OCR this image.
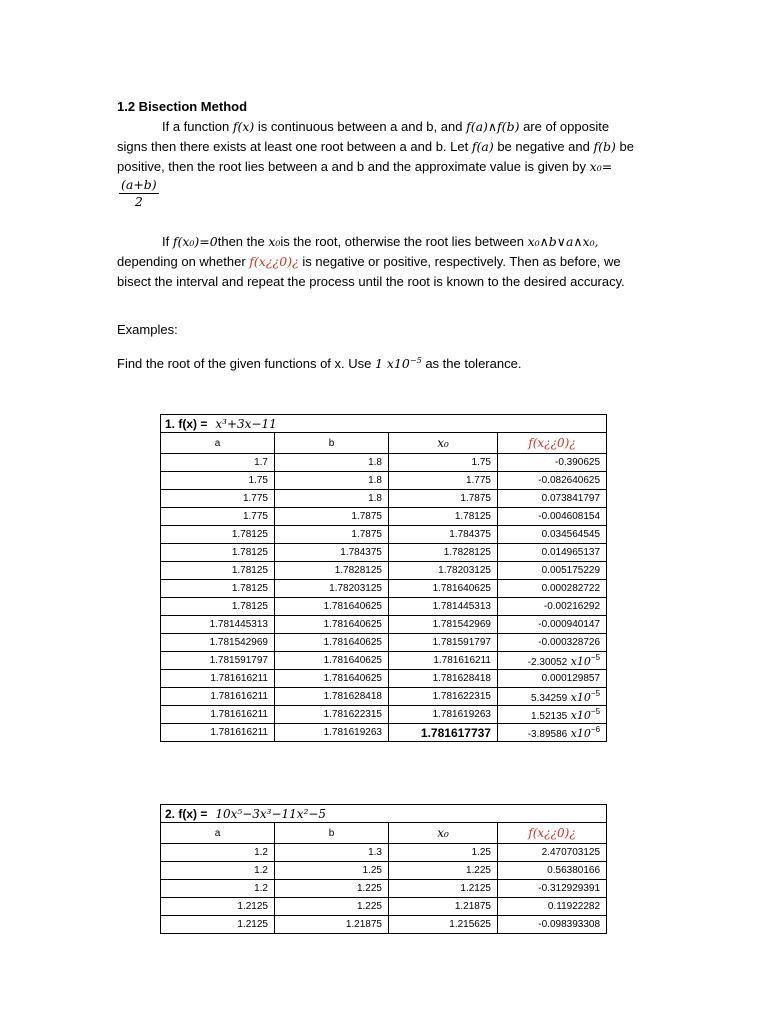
1.2 Bisection Method

If a function f(x) is continuous between a and b, and f(a)∧f(b) are of opposite signs then there exists at least one root between a and b. Let f(a) be negative and f(b) be positive, then the root lies between a and b and the approximate value is given by x₀=
$\frac{(a+b)}{2}$

If f(x₀)=0then the x₀is the root, otherwise the root lies between x₀∧b∨a∧x₀, depending on whether f(x¿¿0)¿ is negative or positive, respectively. Then as before, we bisect the interval and repeat the process until the root is known to the desired accuracy.

Examples:

Find the root of the given functions of x. Use 1 $x10^{-5}$ as the tolerance.

1. f(x) = x³+3x−11			
a	b	x₀	f(x¿¿0)¿
1.7	1.8	1.75	-0.390625
1.75	1.8	1.775	-0.082640625
1.775	1.8	1.7875	0.073841797
1.775	1.7875	1.78125	-0.004608154
1.78125	1.7875	1.784375	0.034564545
1.78125	1.784375	1.7828125	0.014965137
1.78125	1.7828125	1.78203125	0.005175229
1.78125	1.78203125	1.781640625	0.000282722
1.78125	1.781640625	1.781445313	-0.00216292
1.781445313	1.781640625	1.781542969	-0.000940147
1.781542969	1.781640625	1.781591797	-0.000328726
1.781591797	1.781640625	1.781616211	-2.30052 $x10^{-5}$
1.781616211	1.781640625	1.781628418	0.000129857
1.781616211	1.781628418	1.781622315	5.34259 $x10^{-5}$
1.781616211	1.781622315	1.781619263	1.52135 $x10^{-5}$
1.781616211	1.781619263	1.781617737	-3.89586 $x10^{-6}$
2. f(x) = 10x⁵−3x³−11x²−5			
a	b	x₀	f(x¿¿0)¿
1.2	1.3	1.25	2.470703125
1.2	1.25	1.225	0.56380166
1.2	1.225	1.2125	-0.312929391
1.2125	1.225	1.21875	0.11922282
1.2125	1.21875	1.215625	-0.098393308
